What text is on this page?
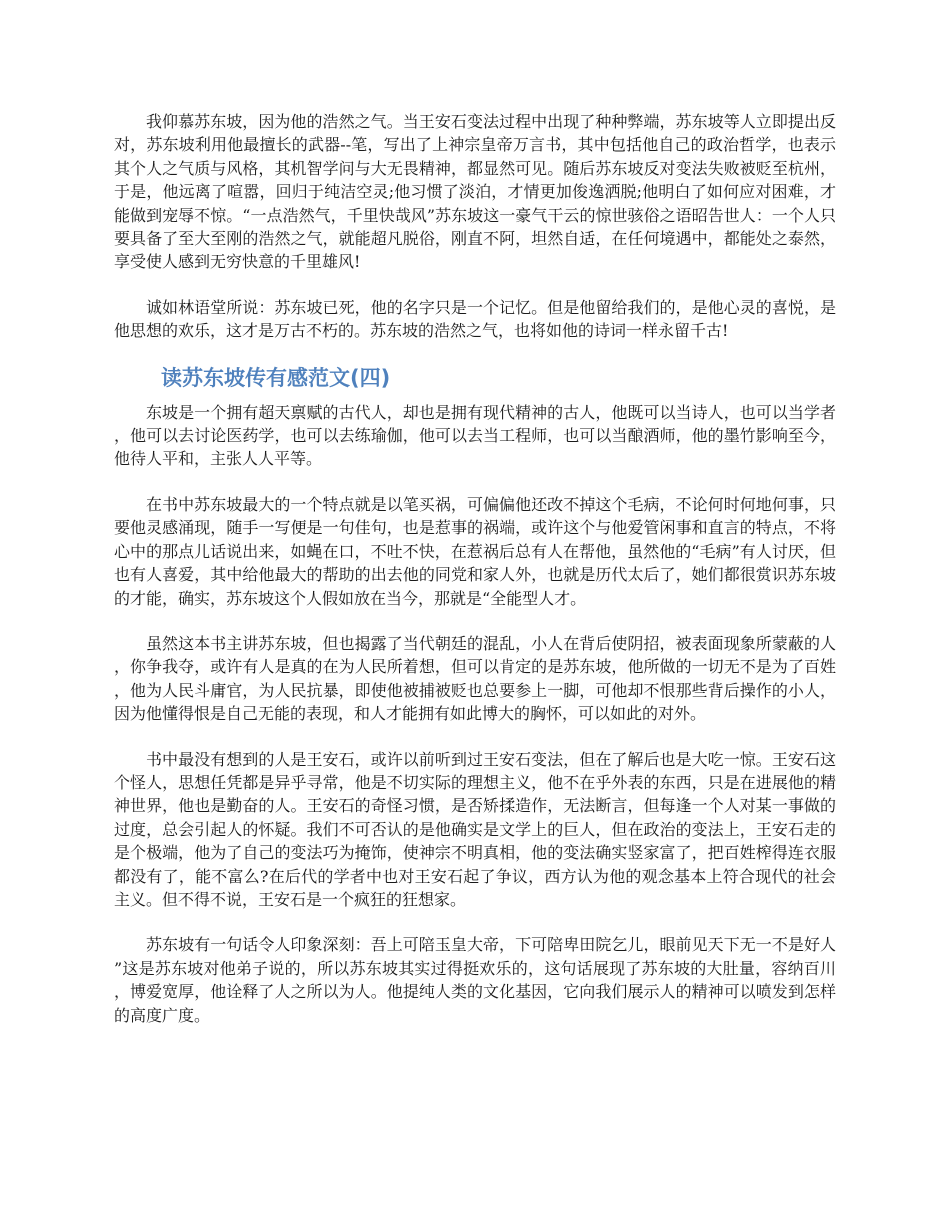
我仰慕苏东坡，因为他的浩然之气。当王安石变法过程中出现了种种弊端，苏东坡等人立即提出反对，苏东坡利用他最擅长的武器--笔，写出了上神宗皇帝万言书，其中包括他自己的政治哲学，也表示其个人之气质与风格，其机智学问与大无畏精神，都显然可见。随后苏东坡反对变法失败被贬至杭州，于是，他远离了喧嚣，回归于纯洁空灵;他习惯了淡泊，才情更加俊逸洒脱;他明白了如何应对困难，才能做到宠辱不惊。“一点浩然气，千里快哉风”苏东坡这一豪气干云的惊世骇俗之语昭告世人：一个人只要具备了至大至刚的浩然之气，就能超凡脱俗，刚直不阿，坦然自适，在任何境遇中，都能处之泰然，享受使人感到无穷快意的千里雄风!

诚如林语堂所说：苏东坡已死，他的名字只是一个记忆。但是他留给我们的，是他心灵的喜悦，是他思想的欢乐，这才是万古不朽的。苏东坡的浩然之气，也将如他的诗词一样永留千古!

读苏东坡传有感范文(四)

东坡是一个拥有超天禀赋的古代人，却也是拥有现代精神的古人，他既可以当诗人，也可以当学者，他可以去讨论医药学，也可以去练瑜伽，他可以去当工程师，也可以当酿酒师，他的墨竹影响至今，他待人平和，主张人人平等。

在书中苏东坡最大的一个特点就是以笔买祸，可偏偏他还改不掉这个毛病，不论何时何地何事，只要他灵感涌现，随手一写便是一句佳句，也是惹事的祸端，或许这个与他爱管闲事和直言的特点，不将心中的那点儿话说出来，如蝇在口，不吐不快，在惹祸后总有人在帮他，虽然他的“毛病”有人讨厌，但也有人喜爱，其中给他最大的帮助的出去他的同党和家人外，也就是历代太后了，她们都很赏识苏东坡的才能，确实，苏东坡这个人假如放在当今，那就是“全能型人才。

虽然这本书主讲苏东坡，但也揭露了当代朝廷的混乱，小人在背后使阴招，被表面现象所蒙蔽的人，你争我夺，或许有人是真的在为人民所着想，但可以肯定的是苏东坡，他所做的一切无不是为了百姓，他为人民斗庸官，为人民抗暴，即使他被捕被贬也总要参上一脚，可他却不恨那些背后操作的小人，因为他懂得恨是自己无能的表现，和人才能拥有如此博大的胸怀，可以如此的对外。

书中最没有想到的人是王安石，或许以前听到过王安石变法，但在了解后也是大吃一惊。王安石这个怪人，思想任凭都是异乎寻常，他是不切实际的理想主义，他不在乎外表的东西，只是在进展他的精神世界，他也是勤奋的人。王安石的奇怪习惯，是否矫揉造作，无法断言，但每逢一个人对某一事做的过度，总会引起人的怀疑。我们不可否认的是他确实是文学上的巨人，但在政治的变法上，王安石走的是个极端，他为了自己的变法巧为掩饰，使神宗不明真相，他的变法确实竖家富了，把百姓榨得连衣服都没有了，能不富么?在后代的学者中也对王安石起了争议，西方认为他的观念基本上符合现代的社会主义。但不得不说，王安石是一个疯狂的狂想家。

苏东坡有一句话令人印象深刻：吾上可陪玉皇大帝，下可陪卑田院乞儿，眼前见天下无一不是好人”这是苏东坡对他弟子说的，所以苏东坡其实过得挺欢乐的，这句话展现了苏东坡的大肚量，容纳百川，博爱宽厚，他诠释了人之所以为人。他提纯人类的文化基因，它向我们展示人的精神可以喷发到怎样的高度广度。
